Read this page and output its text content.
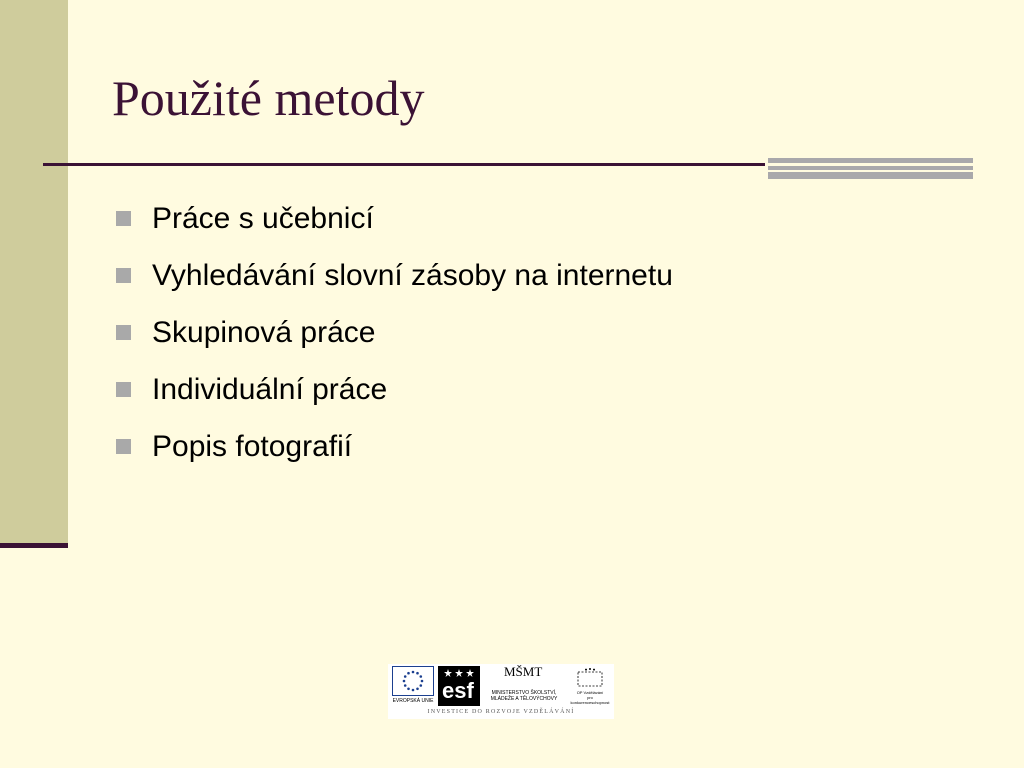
Použité metody
Práce s učebnicí
Vyhledávání slovní zásoby na internetu
Skupinová práce
Individuální práce
Popis fotografií
EVROPSKÁ UNIE esf
MŠMT
MINISTERSTVO ŠKOLSTVÍ,
MLÁDEŽE A TĚLOVÝCHOVY
OP Vzdělávání
pro konkurenceschopnost
INVESTICE DO ROZVOJE VZDĚLÁVÁNÍ
